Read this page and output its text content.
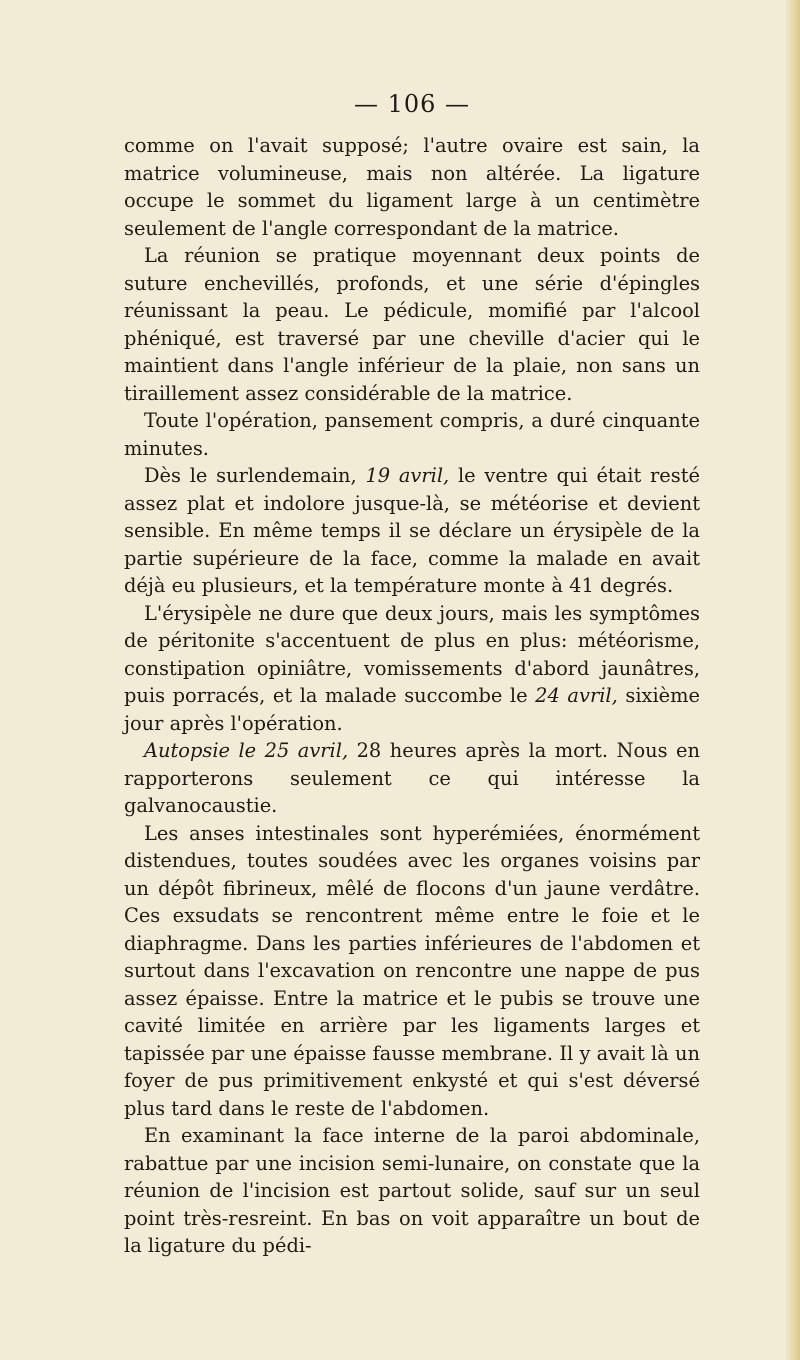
— 106 —

comme on l'avait supposé; l'autre ovaire est sain, la matrice volumineuse, mais non altérée. La ligature occupe le sommet du ligament large à un centimètre seulement de l'angle correspondant de la matrice.

La réunion se pratique moyennant deux points de suture enchevillés, profonds, et une série d'épingles réunissant la peau. Le pédicule, momifié par l'alcool phéniqué, est traversé par une cheville d'acier qui le maintient dans l'angle inférieur de la plaie, non sans un tiraillement assez considérable de la matrice.

Toute l'opération, pansement compris, a duré cinquante minutes.

Dès le surlendemain, 19 avril, le ventre qui était resté assez plat et indolore jusque-là, se météorise et devient sensible. En même temps il se déclare un érysipèle de la partie supérieure de la face, comme la malade en avait déjà eu plusieurs, et la température monte à 41 degrés.

L'érysipèle ne dure que deux jours, mais les symptômes de péritonite s'accentuent de plus en plus: météorisme, constipation opiniâtre, vomissements d'abord jaunâtres, puis porracés, et la malade succombe le 24 avril, sixième jour après l'opération.

Autopsie le 25 avril, 28 heures après la mort. Nous en rapporterons seulement ce qui intéresse la galvanocaustie.

Les anses intestinales sont hyperémiées, énormément distendues, toutes soudées avec les organes voisins par un dépôt fibrineux, mêlé de flocons d'un jaune verdâtre. Ces exsudats se rencontrent même entre le foie et le diaphragme. Dans les parties inférieures de l'abdomen et surtout dans l'excavation on rencontre une nappe de pus assez épaisse. Entre la matrice et le pubis se trouve une cavité limitée en arrière par les ligaments larges et tapissée par une épaisse fausse membrane. Il y avait là un foyer de pus primitivement enkysté et qui s'est déversé plus tard dans le reste de l'abdomen.

En examinant la face interne de la paroi abdominale, rabattue par une incision semi-lunaire, on constate que la réunion de l'incision est partout solide, sauf sur un seul point très-resreint. En bas on voit apparaître un bout de la ligature du pédi-
